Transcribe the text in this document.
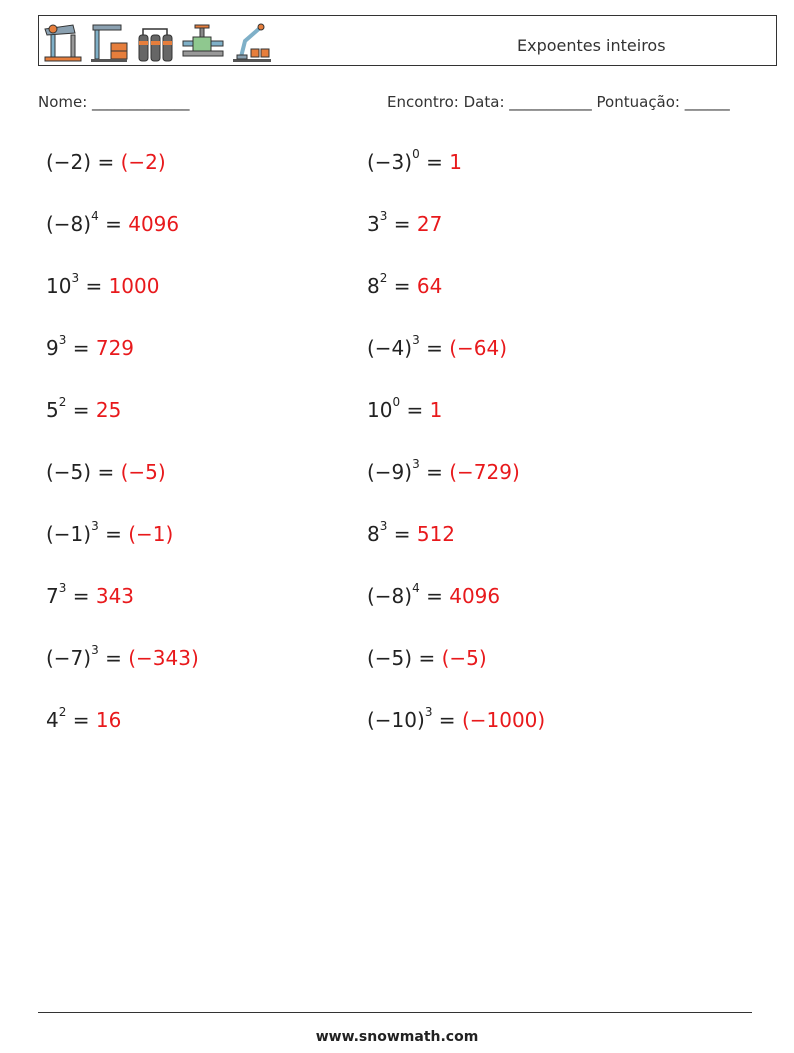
Expoentes inteiros
Nome: _____________	Encontro: Data: ___________ Pontuação: ______
(−2) = (−2)	$(-3)^0 = 1$
$(-8)^4 = 4096$	$3^3 = 27$
$10^3 = 1000$	$8^2 = 64$
$9^3 = 729$	$(-4)^3 = (-64)$
$5^2 = 25$	$10^0 = 1$
(−5) = (−5)	$(-9)^3 = (-729)$
$(-1)^3 = (-1)$	$8^3 = 512$
$7^3 = 343$	$(-8)^4 = 4096$
$(-7)^3 = (-343)$	(−5) = (−5)
$4^2 = 16$	$(-10)^3 = (-1000)$
www.snowmath.com
